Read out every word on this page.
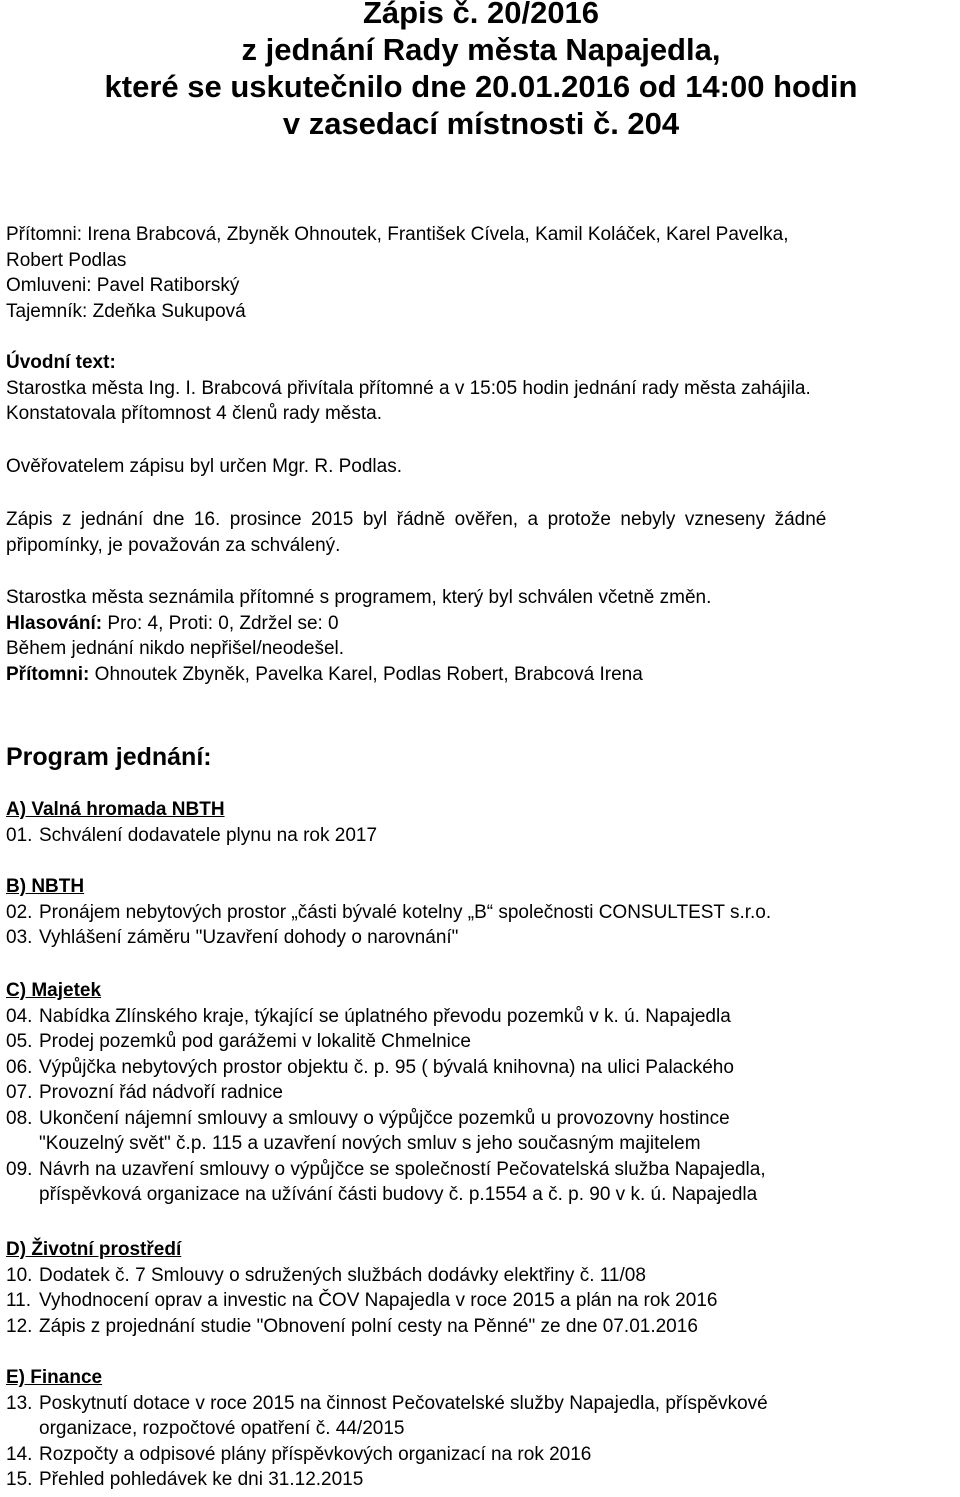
Zápis č. 20/2016
z jednání Rady města Napajedla,
které se uskutečnilo dne 20.01.2016 od 14:00 hodin
v zasedací místnosti č. 204

Přítomni: Irena Brabcová, Zbyněk Ohnoutek, František Cívela, Kamil Koláček, Karel Pavelka,

Robert Podlas

Omluveni: Pavel Ratiborský

Tajemník: Zdeňka Sukupová

Úvodní text:

Starostka města Ing. I. Brabcová přivítala přítomné a v 15:05 hodin jednání rady města zahájila.

Konstatovala přítomnost 4 členů rady města.

Ověřovatelem zápisu byl určen Mgr. R. Podlas.

Zápis z jednání dne 16. prosince 2015 byl řádně ověřen, a protože nebyly vzneseny žádné

připomínky, je považován za schválený.

Starostka města seznámila přítomné s programem, který byl schválen včetně změn.

Hlasování: Pro: 4, Proti: 0, Zdržel se: 0

Během jednání nikdo nepřišel/neodešel.

Přítomni: Ohnoutek Zbyněk, Pavelka Karel, Podlas Robert, Brabcová Irena

Program jednání:

A) Valná hromada NBTH

01. Schválení dodavatele plynu na rok 2017

B) NBTH

02. Pronájem nebytových prostor „části bývalé kotelny „B“ společnosti CONSULTEST s.r.o.
03. Vyhlášení záměru "Uzavření dohody o narovnání"

C) Majetek

04. Nabídka Zlínského kraje, týkající se úplatného převodu pozemků v k. ú. Napajedla
05. Prodej pozemků pod garážemi v lokalitě Chmelnice
06. Výpůjčka nebytových prostor objektu č. p. 95 ( bývalá knihovna) na ulici Palackého
07. Provozní řád nádvoří radnice
08. Ukončení nájemní smlouvy a smlouvy o výpůjčce pozemků u provozovny hostince
"Kouzelný svět" č.p. 115 a uzavření nových smluv s jeho současným majitelem
09. Návrh na uzavření smlouvy o výpůjčce se společností Pečovatelská služba Napajedla,
příspěvková organizace na užívání části budovy č. p.1554 a č. p. 90 v k. ú. Napajedla

D) Životní prostředí

10. Dodatek č. 7 Smlouvy o sdružených službách dodávky elektřiny č. 11/08
11. Vyhodnocení oprav a investic na ČOV Napajedla v roce 2015 a plán na rok 2016
12. Zápis z projednání studie "Obnovení polní cesty na Pěnné" ze dne 07.01.2016

E) Finance

13. Poskytnutí dotace v roce 2015 na činnost Pečovatelské služby Napajedla, příspěvkové
organizace, rozpočtové opatření č. 44/2015
14. Rozpočty a odpisové plány příspěvkových organizací na rok 2016
15. Přehled pohledávek ke dni 31.12.2015
